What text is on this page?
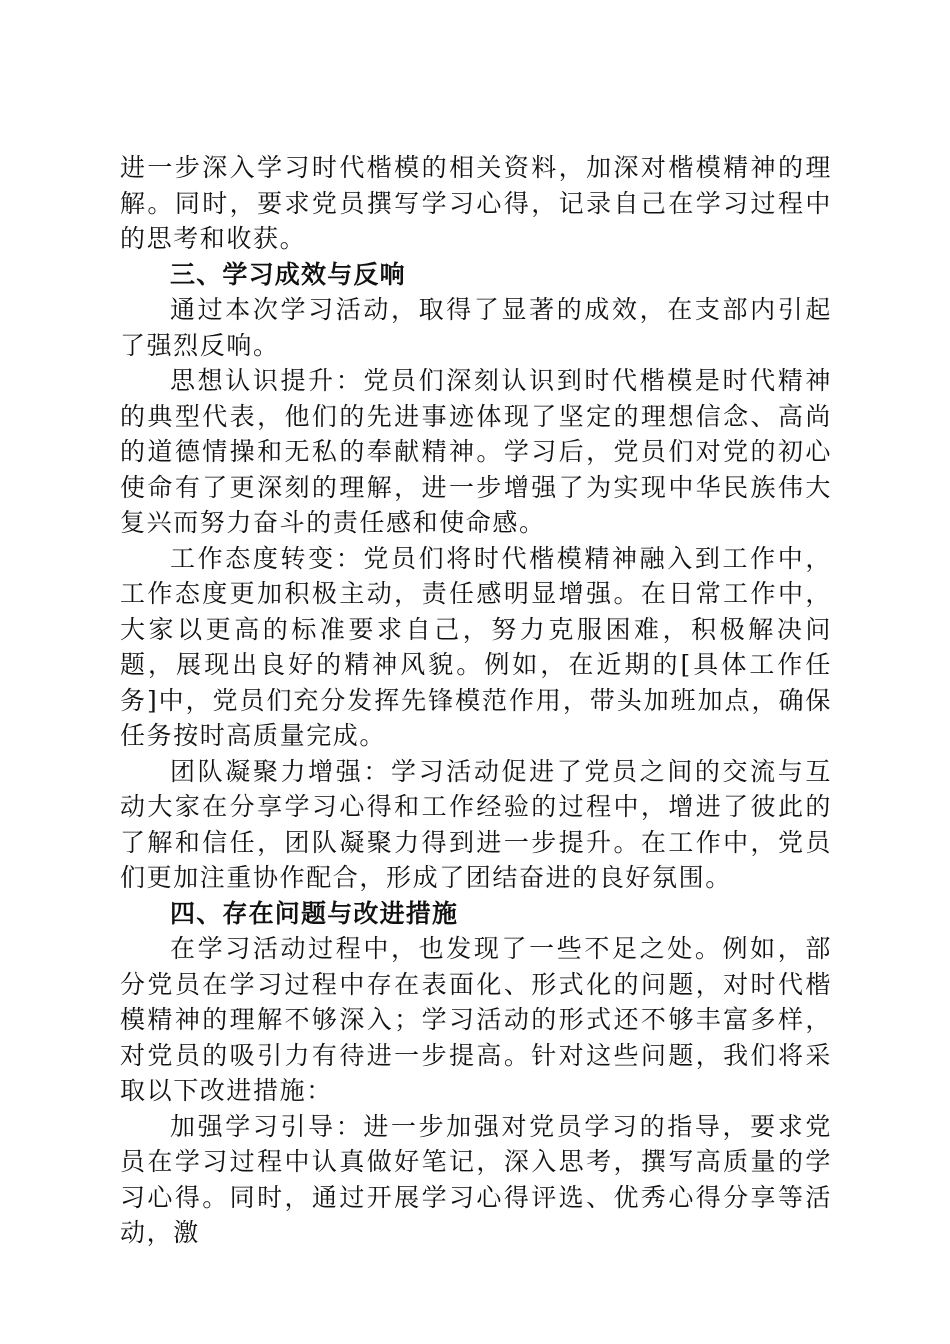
进一步深入学习时代楷模的相关资料，加深对楷模精神的理解。同时，要求党员撰写学习心得，记录自己在学习过程中的思考和收获。

三、学习成效与反响

通过本次学习活动，取得了显著的成效，在支部内引起了强烈反响。

思想认识提升：党员们深刻认识到时代楷模是时代精神的典型代表，他们的先进事迹体现了坚定的理想信念、高尚的道德情操和无私的奉献精神。学习后，党员们对党的初心使命有了更深刻的理解，进一步增强了为实现中华民族伟大复兴而努力奋斗的责任感和使命感。

工作态度转变：党员们将时代楷模精神融入到工作中，工作态度更加积极主动，责任感明显增强。在日常工作中，大家以更高的标准要求自己，努力克服困难，积极解决问题，展现出良好的精神风貌。例如，在近期的[具体工作任务]中，党员们充分发挥先锋模范作用，带头加班加点，确保任务按时高质量完成。

团队凝聚力增强：学习活动促进了党员之间的交流与互动大家在分享学习心得和工作经验的过程中，增进了彼此的了解和信任，团队凝聚力得到进一步提升。在工作中，党员们更加注重协作配合，形成了团结奋进的良好氛围。

四、存在问题与改进措施

在学习活动过程中，也发现了一些不足之处。例如，部分党员在学习过程中存在表面化、形式化的问题，对时代楷模精神的理解不够深入；学习活动的形式还不够丰富多样，对党员的吸引力有待进一步提高。针对这些问题，我们将采取以下改进措施：

加强学习引导：进一步加强对党员学习的指导，要求党员在学习过程中认真做好笔记，深入思考，撰写高质量的学习心得。同时，通过开展学习心得评选、优秀心得分享等活动，激
